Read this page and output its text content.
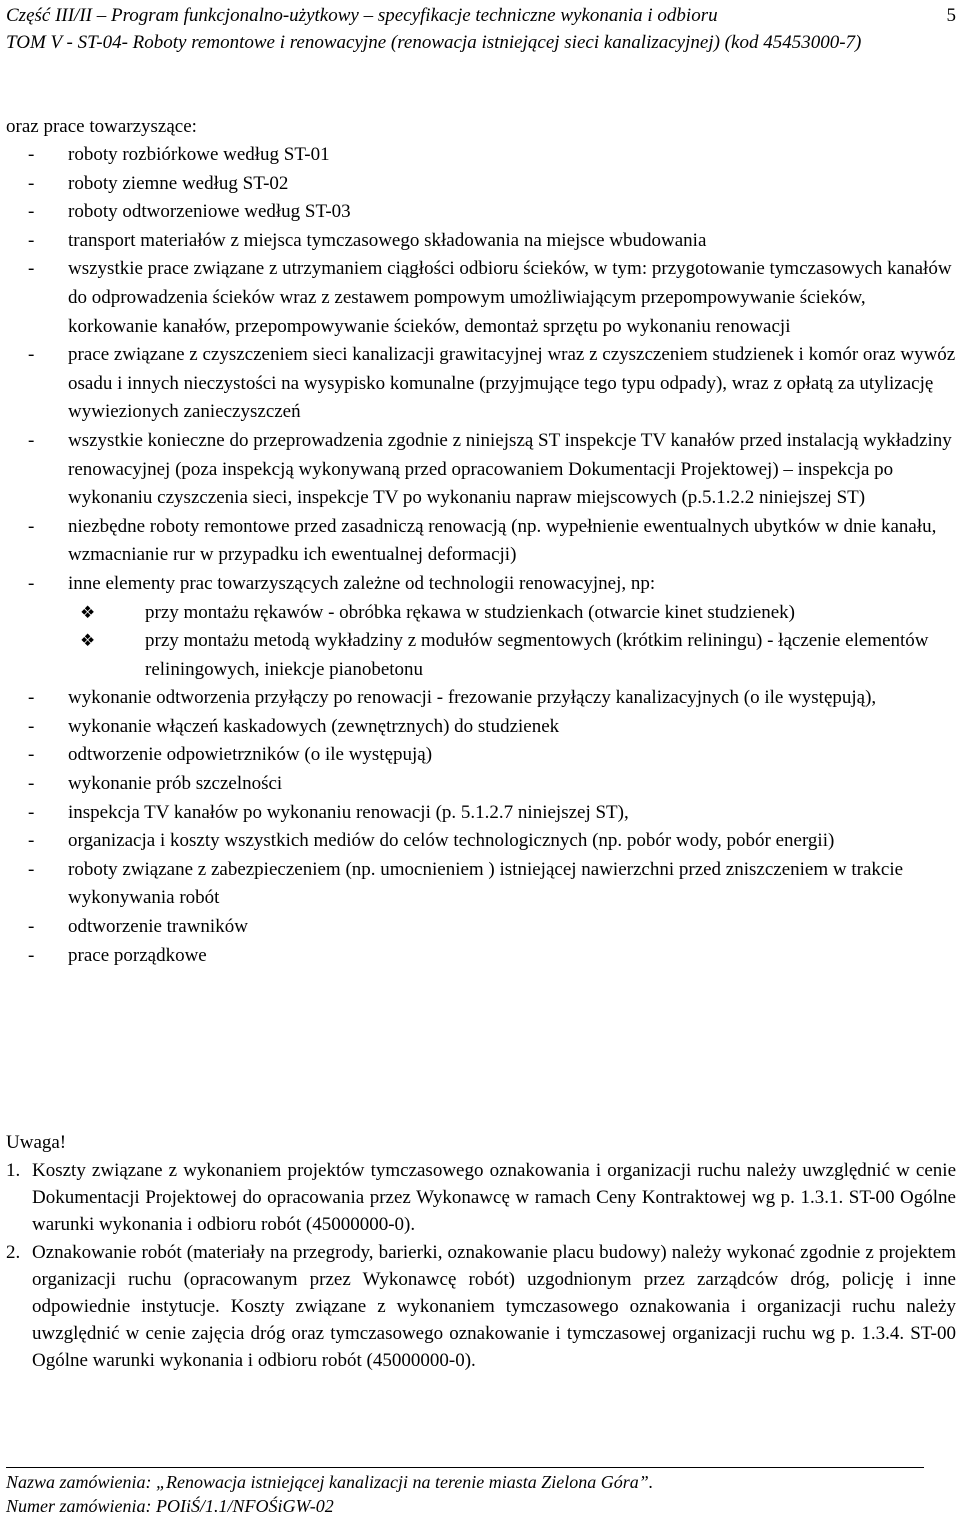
Część III/II – Program funkcjonalno-użytkowy – specyfikacje techniczne wykonania i odbioru	5
TOM V - ST-04- Roboty remontowe i renowacyjne (renowacja istniejącej sieci kanalizacyjnej) (kod 45453000-7)

oraz prace towarzyszące:

- roboty rozbiórkowe według ST-01
- roboty ziemne według ST-02
- roboty odtworzeniowe według ST-03
- transport materiałów z miejsca tymczasowego składowania na miejsce wbudowania
- wszystkie prace związane z utrzymaniem ciągłości odbioru ścieków, w tym: przygotowanie tymczasowych kanałów do odprowadzenia ścieków wraz z zestawem pompowym umożliwiającym przepompowywanie ścieków, korkowanie kanałów, przepompowywanie ścieków, demontaż sprzętu po wykonaniu renowacji
- prace związane z czyszczeniem sieci kanalizacji grawitacyjnej wraz z czyszczeniem studzienek i komór oraz wywóz osadu i innych nieczystości na wysypisko komunalne (przyjmujące tego typu odpady), wraz z opłatą za utylizację wywiezionych zanieczyszczeń
- wszystkie konieczne do przeprowadzenia zgodnie z niniejszą ST inspekcje TV kanałów przed instalacją wykładziny renowacyjnej (poza inspekcją wykonywaną przed opracowaniem Dokumentacji Projektowej) – inspekcja po wykonaniu czyszczenia sieci, inspekcje TV po wykonaniu napraw miejscowych (p.5.1.2.2 niniejszej ST)
- niezbędne roboty remontowe przed zasadniczą renowacją (np. wypełnienie ewentualnych ubytków w dnie kanału, wzmacnianie rur w przypadku ich ewentualnej deformacji)
- inne elementy prac towarzyszących zależne od technologii renowacyjnej, np:
❖	przy montażu rękawów - obróbka rękawa w studzienkach (otwarcie kinet studzienek)
❖	przy montażu metodą wykładziny z modułów segmentowych (krótkim reliningu) - łączenie elementów reliningowych, iniekcje pianobetonu
- wykonanie odtworzenia przyłączy po renowacji - frezowanie przyłączy kanalizacyjnych (o ile występują),
- wykonanie włączeń kaskadowych (zewnętrznych) do studzienek
- odtworzenie odpowietrzników (o ile występują)
- wykonanie prób szczelności
- inspekcja TV kanałów po wykonaniu renowacji (p. 5.1.2.7 niniejszej ST),
- organizacja i koszty wszystkich mediów do celów technologicznych (np. pobór wody, pobór energii)
- roboty związane z zabezpieczeniem (np. umocnieniem ) istniejącej nawierzchni przed zniszczeniem w trakcie wykonywania robót
- odtworzenie trawników
- prace porządkowe

Uwaga!

1. Koszty związane z wykonaniem projektów tymczasowego oznakowania i organizacji ruchu należy uwzględnić w cenie Dokumentacji Projektowej do opracowania przez Wykonawcę w ramach Ceny Kontraktowej wg p. 1.3.1. ST-00 Ogólne warunki wykonania i odbioru robót (45000000-0).
2. Oznakowanie robót (materiały na przegrody, barierki, oznakowanie placu budowy) należy wykonać zgodnie z projektem organizacji ruchu (opracowanym przez Wykonawcę robót) uzgodnionym przez zarządców dróg, policję i inne odpowiednie instytucje. Koszty związane z wykonaniem tymczasowego oznakowania i organizacji ruchu należy uwzględnić w cenie zajęcia dróg oraz tymczasowego oznakowanie i tymczasowej organizacji ruchu wg p. 1.3.4. ST-00 Ogólne warunki wykonania i odbioru robót (45000000-0).
Nazwa zamówienia: „Renowacja istniejącej kanalizacji na terenie miasta Zielona Góra”.
Numer zamówienia: POIiŚ/1.1/NFOŚiGW-02
